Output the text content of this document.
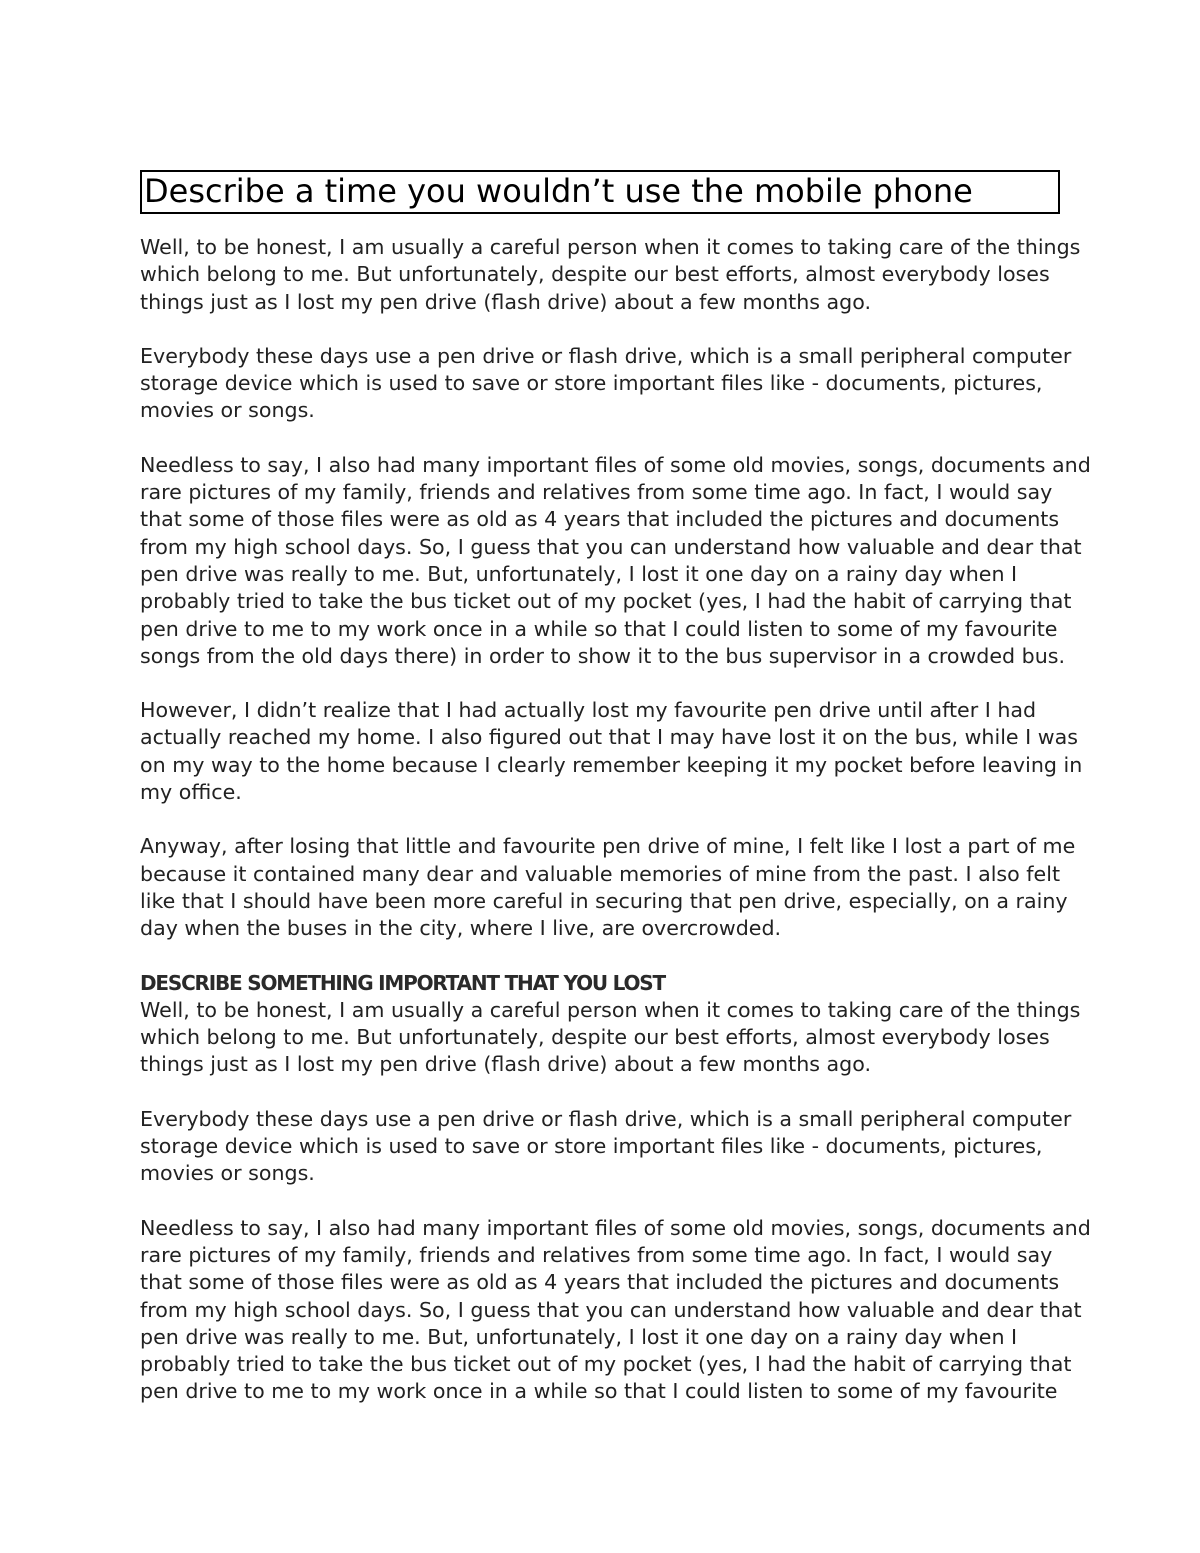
Describe a time you wouldn’t use the mobile phone

Well, to be honest, I am usually a careful person when it comes to taking care of the things
which belong to me. But unfortunately, despite our best efforts, almost everybody loses
things just as I lost my pen drive (flash drive) about a few months ago.

Everybody these days use a pen drive or flash drive, which is a small peripheral computer
storage device which is used to save or store important files like - documents, pictures,
movies or songs.

Needless to say, I also had many important files of some old movies, songs, documents and
rare pictures of my family, friends and relatives from some time ago. In fact, I would say
that some of those files were as old as 4 years that included the pictures and documents
from my high school days. So, I guess that you can understand how valuable and dear that
pen drive was really to me. But, unfortunately, I lost it one day on a rainy day when I
probably tried to take the bus ticket out of my pocket (yes, I had the habit of carrying that
pen drive to me to my work once in a while so that I could listen to some of my favourite
songs from the old days there) in order to show it to the bus supervisor in a crowded bus.

However, I didn’t realize that I had actually lost my favourite pen drive until after I had
actually reached my home. I also figured out that I may have lost it on the bus, while I was
on my way to the home because I clearly remember keeping it my pocket before leaving in
my office.

Anyway, after losing that little and favourite pen drive of mine, I felt like I lost a part of me
because it contained many dear and valuable memories of mine from the past. I also felt
like that I should have been more careful in securing that pen drive, especially, on a rainy
day when the buses in the city, where I live, are overcrowded.

DESCRIBE SOMETHING IMPORTANT THAT YOU LOST

Well, to be honest, I am usually a careful person when it comes to taking care of the things
which belong to me. But unfortunately, despite our best efforts, almost everybody loses
things just as I lost my pen drive (flash drive) about a few months ago.

Everybody these days use a pen drive or flash drive, which is a small peripheral computer
storage device which is used to save or store important files like - documents, pictures,
movies or songs.

Needless to say, I also had many important files of some old movies, songs, documents and
rare pictures of my family, friends and relatives from some time ago. In fact, I would say
that some of those files were as old as 4 years that included the pictures and documents
from my high school days. So, I guess that you can understand how valuable and dear that
pen drive was really to me. But, unfortunately, I lost it one day on a rainy day when I
probably tried to take the bus ticket out of my pocket (yes, I had the habit of carrying that
pen drive to me to my work once in a while so that I could listen to some of my favourite
